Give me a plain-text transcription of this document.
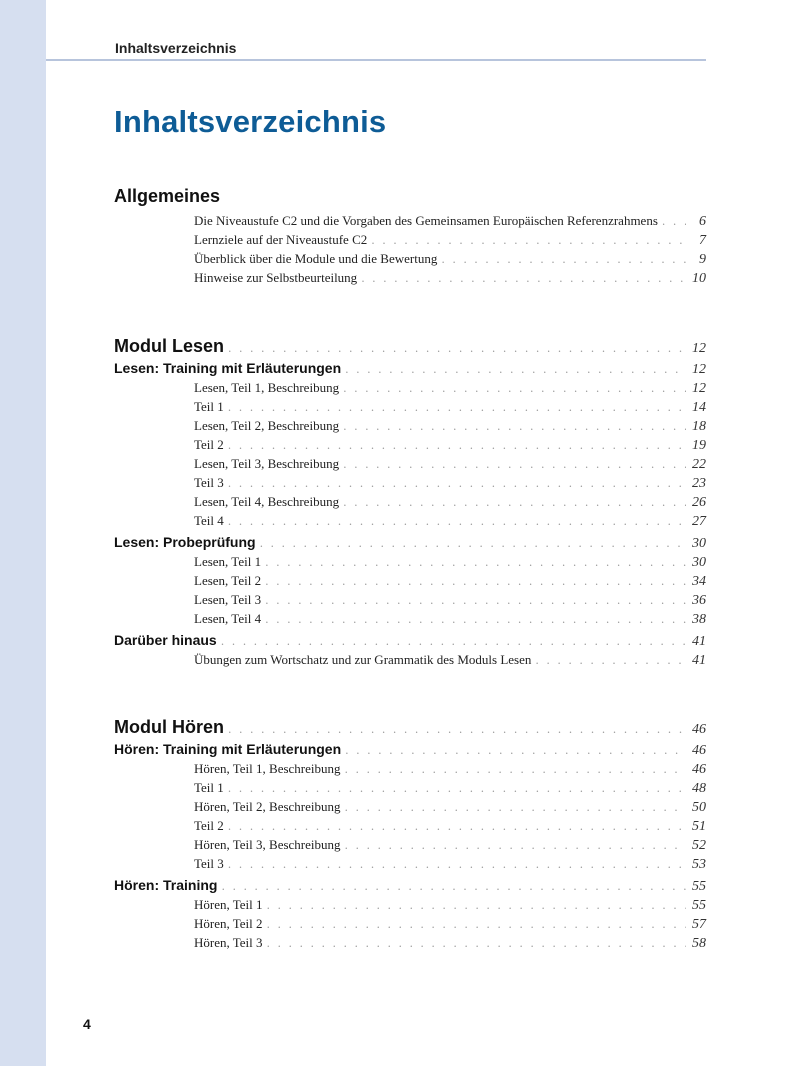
Inhaltsverzeichnis
Inhaltsverzeichnis
Allgemeines
Die Niveaustufe C2 und die Vorgaben des Gemeinsamen Europäischen Referenzrahmens . . .	6
Lernziele auf der Niveaustufe C2 . . .	7
Überblick über die Module und die Bewertung . . .	9
Hinweise zur Selbstbeurteilung . . .	10
Modul Lesen . . .	12
Lesen: Training mit Erläuterungen . . .	12
Lesen, Teil 1, Beschreibung . . .	12
Teil 1 . . .	14
Lesen, Teil 2, Beschreibung . . .	18
Teil 2 . . .	19
Lesen, Teil 3, Beschreibung . . .	22
Teil 3 . . .	23
Lesen, Teil 4, Beschreibung . . .	26
Teil 4 . . .	27
Lesen: Probeprüfung . . .	30
Lesen, Teil 1 . . .	30
Lesen, Teil 2 . . .	34
Lesen, Teil 3 . . .	36
Lesen, Teil 4 . . .	38
Darüber hinaus . . .	41
Übungen zum Wortschatz und zur Grammatik des Moduls Lesen . . .	41
Modul Hören . . .	46
Hören: Training mit Erläuterungen . . .	46
Hören, Teil 1, Beschreibung . . .	46
Teil 1 . . .	48
Hören, Teil 2, Beschreibung . . .	50
Teil 2 . . .	51
Hören, Teil 3, Beschreibung . . .	52
Teil 3 . . .	53
Hören: Training . . .	55
Hören, Teil 1 . . .	55
Hören, Teil 2 . . .	57
Hören, Teil 3 . . .	58
4
